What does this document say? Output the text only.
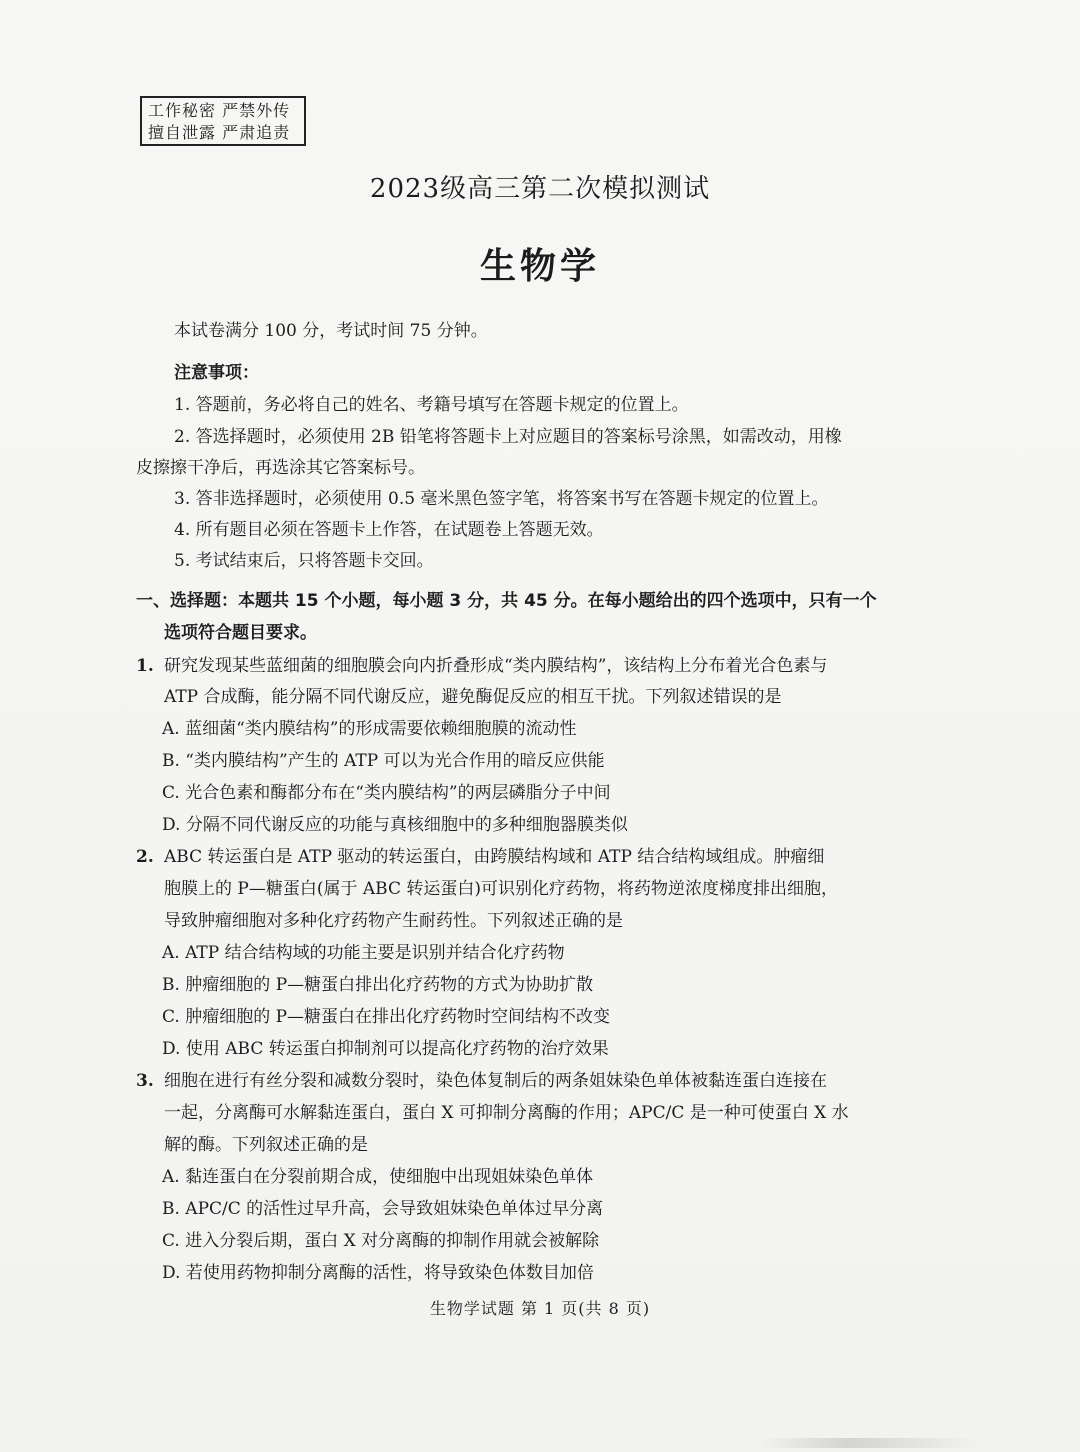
工作秘密 严禁外传
擅自泄露 严肃追责
2023级高三第二次模拟测试
生物学
本试卷满分 100 分，考试时间 75 分钟。
注意事项：
1. 答题前，务必将自己的姓名、考籍号填写在答题卡规定的位置上。
2. 答选择题时，必须使用 2B 铅笔将答题卡上对应题目的答案标号涂黑，如需改动，用橡
皮擦擦干净后，再选涂其它答案标号。
3. 答非选择题时，必须使用 0.5 毫米黑色签字笔，将答案书写在答题卡规定的位置上。
4. 所有题目必须在答题卡上作答，在试题卷上答题无效。
5. 考试结束后，只将答题卡交回。
一、选择题：本题共 15 个小题，每小题 3 分，共 45 分。在每小题给出的四个选项中，只有一个
选项符合题目要求。
1. 研究发现某些蓝细菌的细胞膜会向内折叠形成“类内膜结构”，该结构上分布着光合色素与
ATP 合成酶，能分隔不同代谢反应，避免酶促反应的相互干扰。下列叙述错误的是
A. 蓝细菌“类内膜结构”的形成需要依赖细胞膜的流动性
B. “类内膜结构”产生的 ATP 可以为光合作用的暗反应供能
C. 光合色素和酶都分布在“类内膜结构”的两层磷脂分子中间
D. 分隔不同代谢反应的功能与真核细胞中的多种细胞器膜类似
2. ABC 转运蛋白是 ATP 驱动的转运蛋白，由跨膜结构域和 ATP 结合结构域组成。肿瘤细
胞膜上的 P—糖蛋白(属于 ABC 转运蛋白)可识别化疗药物，将药物逆浓度梯度排出细胞，
导致肿瘤细胞对多种化疗药物产生耐药性。下列叙述正确的是
A. ATP 结合结构域的功能主要是识别并结合化疗药物
B. 肿瘤细胞的 P—糖蛋白排出化疗药物的方式为协助扩散
C. 肿瘤细胞的 P—糖蛋白在排出化疗药物时空间结构不改变
D. 使用 ABC 转运蛋白抑制剂可以提高化疗药物的治疗效果
3. 细胞在进行有丝分裂和减数分裂时，染色体复制后的两条姐妹染色单体被黏连蛋白连接在
一起，分离酶可水解黏连蛋白，蛋白 X 可抑制分离酶的作用；APC/C 是一种可使蛋白 X 水
解的酶。下列叙述正确的是
A. 黏连蛋白在分裂前期合成，使细胞中出现姐妹染色单体
B. APC/C 的活性过早升高，会导致姐妹染色单体过早分离
C. 进入分裂后期，蛋白 X 对分离酶的抑制作用就会被解除
D. 若使用药物抑制分离酶的活性，将导致染色体数目加倍
生物学试题 第 1 页(共 8 页)
